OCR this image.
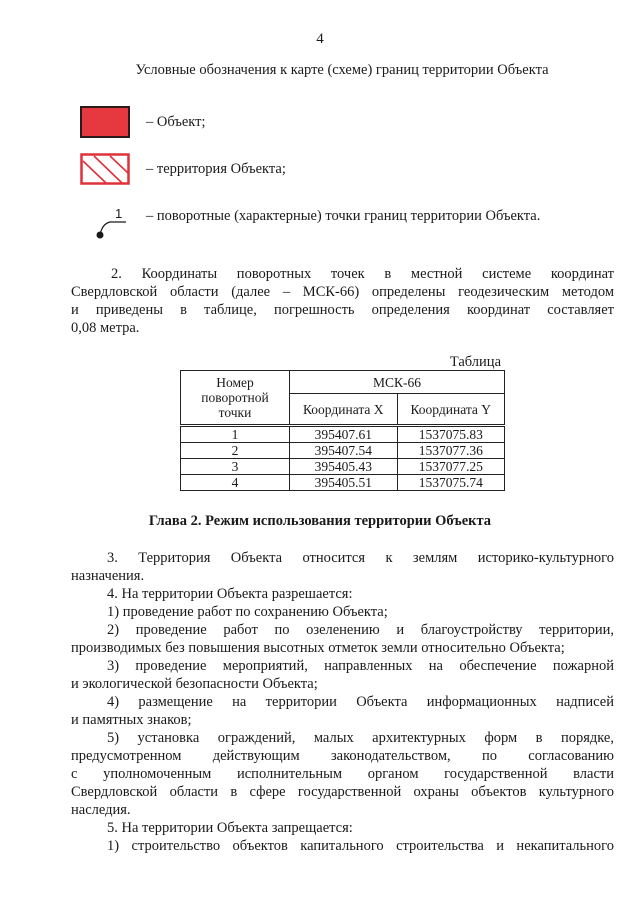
4
Условные обозначения к карте (схеме) границ территории Объекта
– Объект;
– территория Объекта;
1 – поворотные (характерные) точки границ территории Объекта.
2. Координаты поворотных точек в местной системе координат
Свердловской области (далее – МСК-66) определены геодезическим методом
и приведены в таблице, погрешность определения координат составляет
0,08 метра.
Таблица
Номер
поворотной
точки	МСК-66	
	Координата X	Координата Y
1	395407.61	1537075.83
2	395407.54	1537077.36
3	395405.43	1537077.25
4	395405.51	1537075.74
Глава 2. Режим использования территории Объекта
3. Территория Объекта относится к землям историко-культурного
назначения.
4. На территории Объекта разрешается:
1) проведение работ по сохранению Объекта;
2) проведение работ по озеленению и благоустройству территории,
производимых без повышения высотных отметок земли относительно Объекта;
3) проведение мероприятий, направленных на обеспечение пожарной
и экологической безопасности Объекта;
4) размещение на территории Объекта информационных надписей
и памятных знаков;
5) установка ограждений, малых архитектурных форм в порядке,
предусмотренном действующим законодательством, по согласованию
с уполномоченным исполнительным органом государственной власти
Свердловской области в сфере государственной охраны объектов культурного
наследия.
5. На территории Объекта запрещается:
1) строительство объектов капитального строительства и некапитального
